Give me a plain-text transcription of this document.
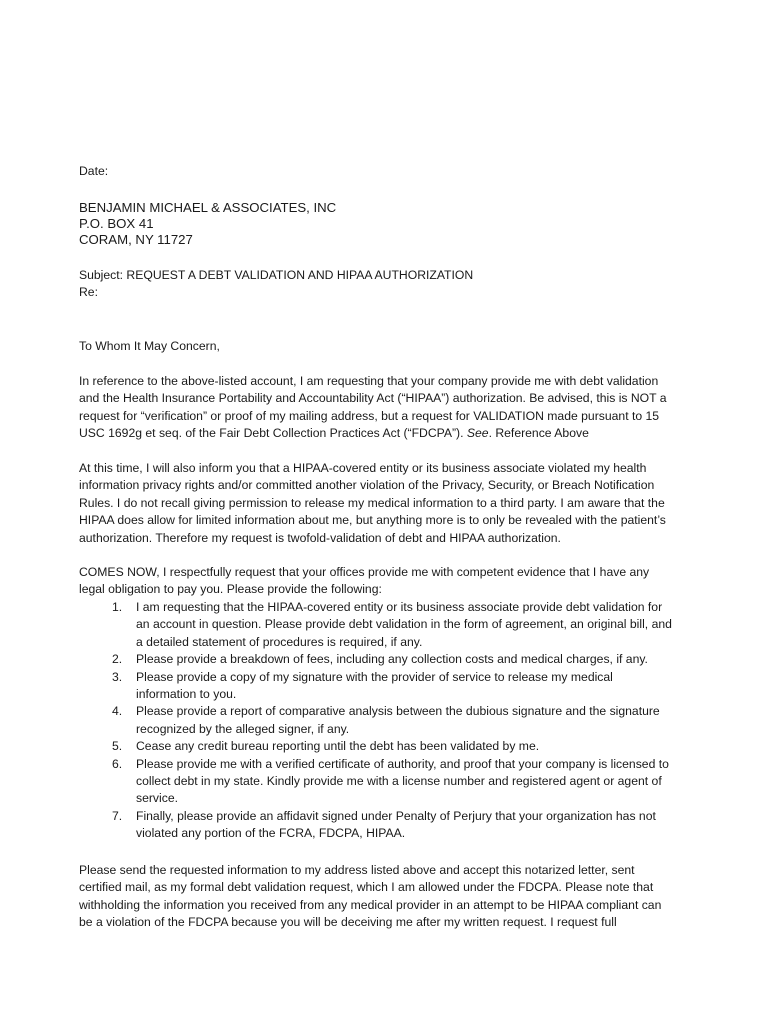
Date:
BENJAMIN MICHAEL & ASSOCIATES, INC
P.O. BOX 41
CORAM, NY 11727
Subject: REQUEST A DEBT VALIDATION AND HIPAA AUTHORIZATION
Re:
To Whom It May Concern,
In reference to the above-listed account, I am requesting that your company provide me with debt validation
and the Health Insurance Portability and Accountability Act (“HIPAA”) authorization. Be advised, this is NOT a
request for “verification” or proof of my mailing address, but a request for VALIDATION made pursuant to 15
USC 1692g et seq. of the Fair Debt Collection Practices Act (“FDCPA”). See. Reference Above
At this time, I will also inform you that a HIPAA-covered entity or its business associate violated my health
information privacy rights and/or committed another violation of the Privacy, Security, or Breach Notification
Rules. I do not recall giving permission to release my medical information to a third party. I am aware that the
HIPAA does allow for limited information about me, but anything more is to only be revealed with the patient’s
authorization. Therefore my request is twofold-validation of debt and HIPAA authorization.
COMES NOW, I respectfully request that your offices provide me with competent evidence that I have any
legal obligation to pay you. Please provide the following:
1. I am requesting that the HIPAA-covered entity or its business associate provide debt validation for
an account in question. Please provide debt validation in the form of agreement, an original bill, and
a detailed statement of procedures is required, if any.
2. Please provide a breakdown of fees, including any collection costs and medical charges, if any.
3. Please provide a copy of my signature with the provider of service to release my medical
information to you.
4. Please provide a report of comparative analysis between the dubious signature and the signature
recognized by the alleged signer, if any.
5. Cease any credit bureau reporting until the debt has been validated by me.
6. Please provide me with a verified certificate of authority, and proof that your company is licensed to
collect debt in my state. Kindly provide me with a license number and registered agent or agent of
service.
7. Finally, please provide an affidavit signed under Penalty of Perjury that your organization has not
violated any portion of the FCRA, FDCPA, HIPAA.
Please send the requested information to my address listed above and accept this notarized letter, sent
certified mail, as my formal debt validation request, which I am allowed under the FDCPA. Please note that
withholding the information you received from any medical provider in an attempt to be HIPAA compliant can
be a violation of the FDCPA because you will be deceiving me after my written request. I request full
